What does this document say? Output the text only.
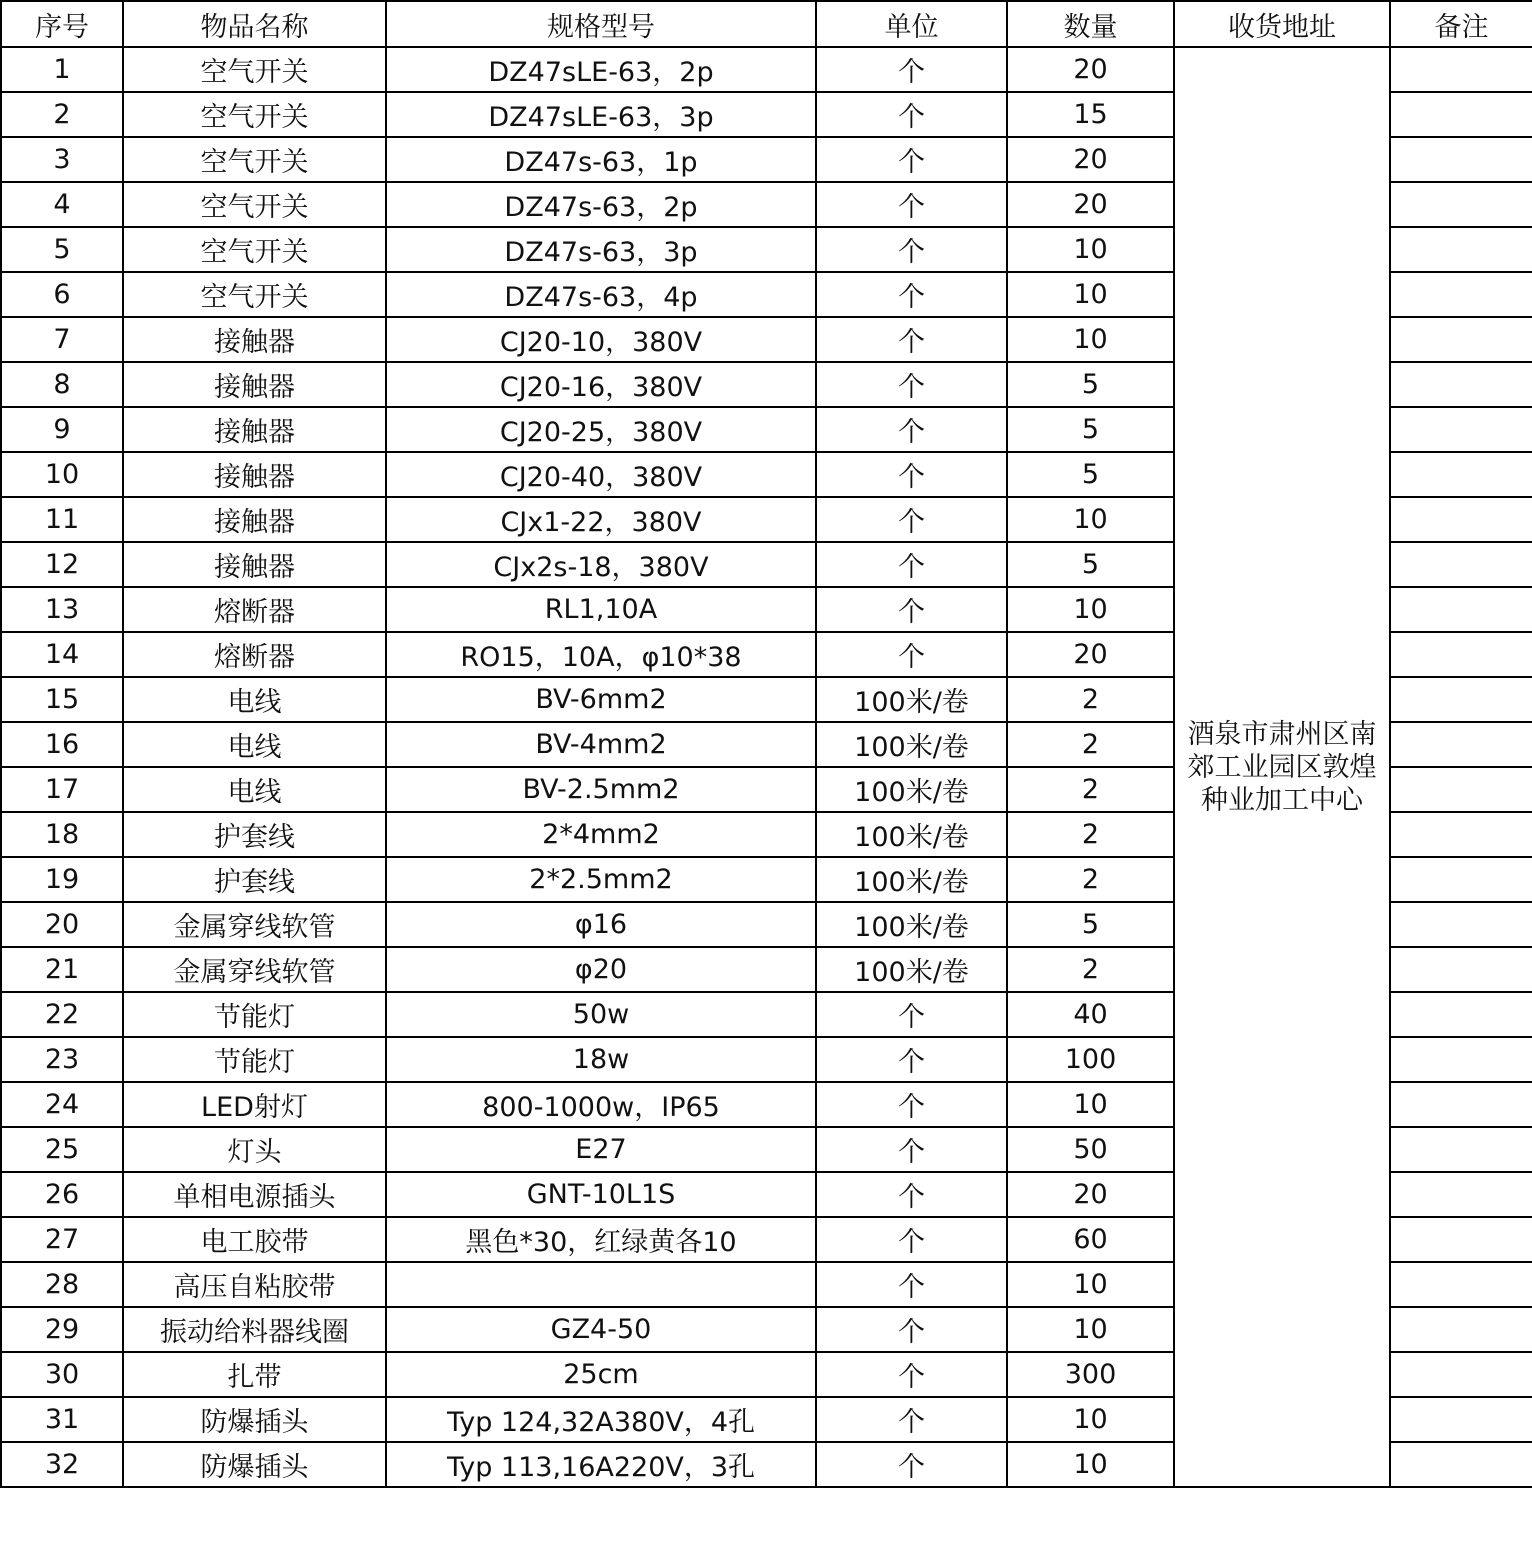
序号	物品名称	规格型号	单位	数量	收货地址	备注
1	空气开关	DZ47sLE-63，2p	个	20	酒泉市肃州区南郊工业园区敦煌种业加工中心	
2	空气开关	DZ47sLE-63，3p	个	15		
3	空气开关	DZ47s-63，1p	个	20		
4	空气开关	DZ47s-63，2p	个	20		
5	空气开关	DZ47s-63，3p	个	10		
6	空气开关	DZ47s-63，4p	个	10		
7	接触器	CJ20-10，380V	个	10		
8	接触器	CJ20-16，380V	个	5		
9	接触器	CJ20-25，380V	个	5		
10	接触器	CJ20-40，380V	个	5		
11	接触器	CJx1-22，380V	个	10		
12	接触器	CJx2s-18，380V	个	5		
13	熔断器	RL1,10A	个	10		
14	熔断器	RO15，10A，φ10*38	个	20		
15	电线	BV-6mm2	100米/卷	2		
16	电线	BV-4mm2	100米/卷	2		
17	电线	BV-2.5mm2	100米/卷	2		
18	护套线	2*4mm2	100米/卷	2		
19	护套线	2*2.5mm2	100米/卷	2		
20	金属穿线软管	φ16	100米/卷	5		
21	金属穿线软管	φ20	100米/卷	2		
22	节能灯	50w	个	40		
23	节能灯	18w	个	100		
24	LED射灯	800-1000w，IP65	个	10		
25	灯头	E27	个	50		
26	单相电源插头	GNT-10L1S	个	20		
27	电工胶带	黑色*30，红绿黄各10	个	60		
28	高压自粘胶带		个	10		
29	振动给料器线圈	GZ4-50	个	10		
30	扎带	25cm	个	300		
31	防爆插头	Typ 124,32A380V，4孔	个	10		
32	防爆插头	Typ 113,16A220V，3孔	个	10		
